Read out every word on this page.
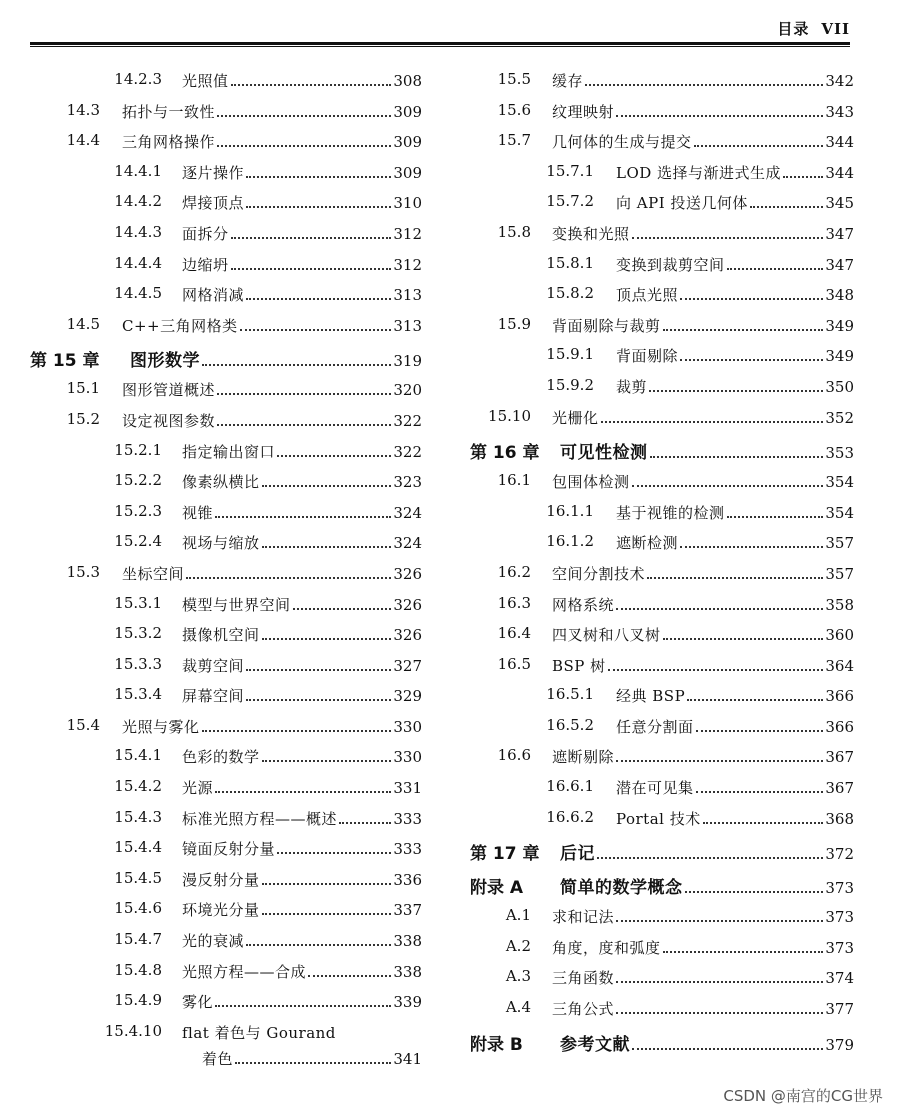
目录 VII
14.2.3 光照值	308
14.3 拓扑与一致性	309
14.4 三角网格操作	309
14.4.1 逐片操作	309
14.4.2 焊接顶点	310
14.4.3 面拆分	312
14.4.4 边缩坍	312
14.4.5 网格消减	313
14.5 C++三角网格类	313
第 15 章 图形数学	319
15.1 图形管道概述	320
15.2 设定视图参数	322
15.2.1 指定输出窗口	322
15.2.2 像素纵横比	323
15.2.3 视锥	324
15.2.4 视场与缩放	324
15.3 坐标空间	326
15.3.1 模型与世界空间	326
15.3.2 摄像机空间	326
15.3.3 裁剪空间	327
15.3.4 屏幕空间	329
15.4 光照与雾化	330
15.4.1 色彩的数学	330
15.4.2 光源	331
15.4.3 标准光照方程——概述	333
15.4.4 镜面反射分量	333
15.4.5 漫反射分量	336
15.4.6 环境光分量	337
15.4.7 光的衰减	338
15.4.8 光照方程——合成	338
15.4.9 雾化	339
15.4.10 flat 着色与 Gourand
着色	341
15.5 缓存	342
15.6 纹理映射	343
15.7 几何体的生成与提交	344
15.7.1 LOD 选择与渐进式生成	344
15.7.2 向 API 投送几何体	345
15.8 变换和光照	347
15.8.1 变换到裁剪空间	347
15.8.2 顶点光照	348
15.9 背面剔除与裁剪	349
15.9.1 背面剔除	349
15.9.2 裁剪	350
15.10 光栅化	352
第 16 章 可见性检测	353
16.1 包围体检测	354
16.1.1 基于视锥的检测	354
16.1.2 遮断检测	357
16.2 空间分割技术	357
16.3 网格系统	358
16.4 四叉树和八叉树	360
16.5 BSP 树	364
16.5.1 经典 BSP	366
16.5.2 任意分割面	366
16.6 遮断剔除	367
16.6.1 潜在可见集	367
16.6.2 Portal 技术	368
第 17 章 后记	372
附录 A 简单的数学概念	373
A.1 求和记法	373
A.2 角度，度和弧度	373
A.3 三角函数	374
A.4 三角公式	377
附录 B 参考文献	379
CSDN @南宫的CG世界
